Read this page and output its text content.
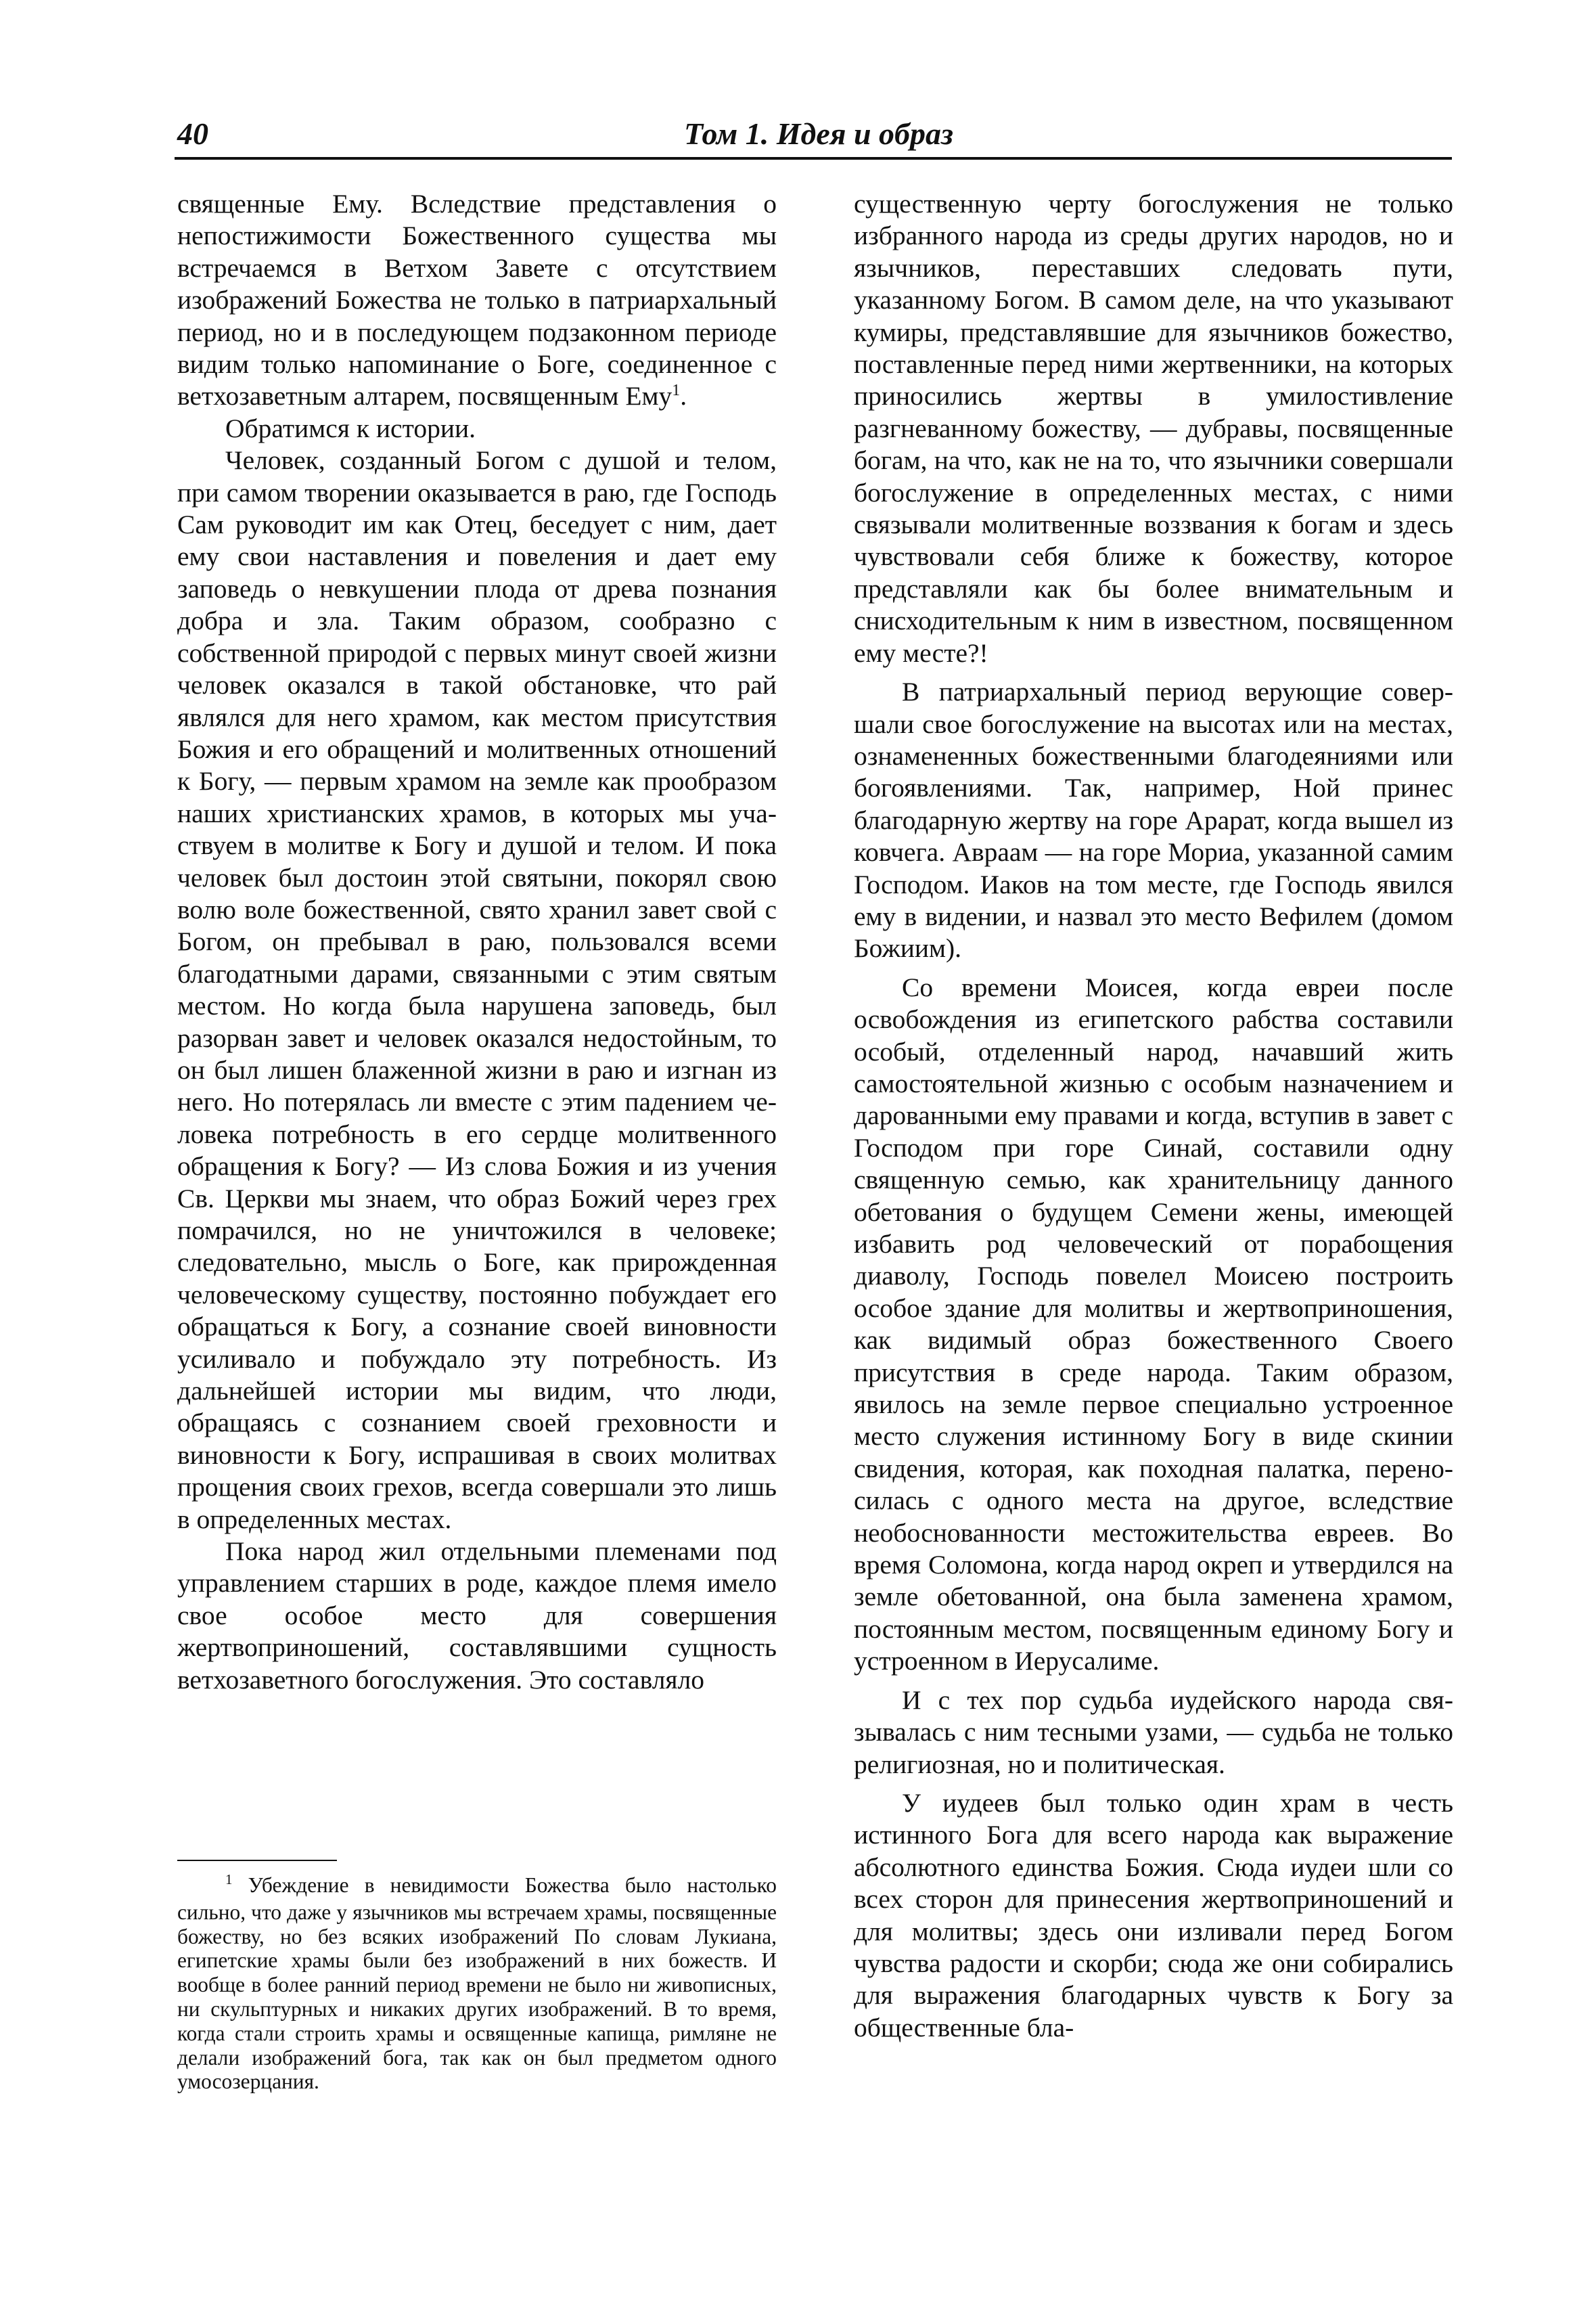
40	Том 1. Идея и образ

священные Ему. Вследствие представления о непостижимости Божественного существа мы встречаемся в Ветхом Завете с отсутствием изображений Божества не только в патриархальный период, но и в последующем подзаконном периоде видим только напоминание о Боге, соединенное с ветхозаветным алтарем, посвященным Ему$^1$.

Обратимся к истории.

Человек, созданный Богом с душой и телом, при самом творении оказывается в раю, где Господь Сам руководит им как Отец, беседует с ним, дает ему свои наставления и повеления и дает ему заповедь о невкушении плода от древа познания добра и зла. Таким образом, сообразно с собственной природой с первых минут своей жизни человек оказался в такой обстановке, что рай являлся для него храмом, как местом присутствия Божия и его обращений и молитвенных отношений к Богу, — первым храмом на земле как прообразом наших христианских храмов, в которых мы участвуем в молитве к Богу и душой и телом. И пока человек был достоин этой святыни, покорял свою волю воле божественной, свято хранил завет свой с Богом, он пребывал в раю, пользовался всеми благодатными дарами, связанными с этим святым местом. Но когда была нарушена заповедь, был разорван завет и человек оказался недостойным, то он был лишен блаженной жизни в раю и изгнан из него. Но потерялась ли вместе с этим падением человека потребность в его сердце молитвенного обращения к Богу? — Из слова Божия и из учения Св. Церкви мы знаем, что образ Божий через грех помрачился, но не уничтожился в человеке; следовательно, мысль о Боге, как прирожденная человеческому существу, постоянно побуждает его обращаться к Богу, а сознание своей виновности усиливало и побуждало эту потребность. Из дальнейшей истории мы видим, что люди, обращаясь с сознанием своей греховности и виновности к Богу, испрашивая в своих молитвах прощения своих грехов, всегда совершали это лишь в определенных местах.

Пока народ жил отдельными племенами под управлением старших в роде, каждое племя имело свое особое место для совершения жертвоприношений, составлявшими сущность ветхозаветного богослужения. Это составляло

существенную черту богослужения не только избранного народа из среды других народов, но и язычников, переставших следовать пути, указанному Богом. В самом деле, на что указывают кумиры, представлявшие для язычников божество, поставленные перед ними жертвенники, на которых приносились жертвы в умилостивление разгневанному божеству, — дубравы, посвященные богам, на что, как не на то, что язычники совершали богослужение в определенных местах, с ними связывали молитвенные воззвания к богам и здесь чувствовали себя ближе к божеству, которое представляли как бы более внимательным и снисходительным к ним в известном, посвященном ему месте?!

В патриархальный период верующие совершали свое богослужение на высотах или на местах, ознамененных божественными благодеяниями или богоявлениями. Так, например, Ной принес благодарную жертву на горе Арарат, когда вышел из ковчега. Авраам — на горе Мориа, указанной самим Господом. Иаков на том месте, где Господь явился ему в видении, и назвал это место Вефилем (домом Божиим).

Со времени Моисея, когда евреи после освобождения из египетского рабства составили особый, отделенный народ, начавший жить самостоятельной жизнью с особым назначением и дарованными ему правами и когда, вступив в завет с Господом при горе Синай, составили одну священную семью, как хранительницу данного обетования о будущем Семени жены, имеющей избавить род человеческий от порабощения диаволу, Господь повелел Моисею построить особое здание для молитвы и жертвоприношения, как видимый образ божественного Своего присутствия в среде народа. Таким образом, явилось на земле первое специально устроенное место служения истинному Богу в виде скинии свидения, которая, как походная палатка, переносилась с одного места на другое, вследствие необоснованности местожительства евреев. Во время Соломона, когда народ окреп и утвердился на земле обетованной, она была заменена храмом, постоянным местом, посвященным единому Богу и устроенном в Иерусалиме.

И с тех пор судьба иудейского народа связывалась с ним тесными узами, — судьба не только религиозная, но и политическая.

У иудеев был только один храм в честь истинного Бога для всего народа как выражение абсолютного единства Божия. Сюда иудеи шли со всех сторон для принесения жертвоприношений и для молитвы; здесь они изливали перед Богом чувства радости и скорби; сюда же они собирались для выражения благодарных чувств к Богу за общественные бла-

$^1$ Убеждение в невидимости Божества было настолько сильно, что даже у язычников мы встречаем храмы, посвященные божеству, но без всяких изображений По словам Лукиана, египетские храмы были без изображений в них божеств. И вообще в более ранний период времени не было ни живописных, ни скульптурных и никаких других изображений. В то время, когда стали строить храмы и освященные капища, римляне не делали изображений бога, так как он был предметом одного умосозерцания.
